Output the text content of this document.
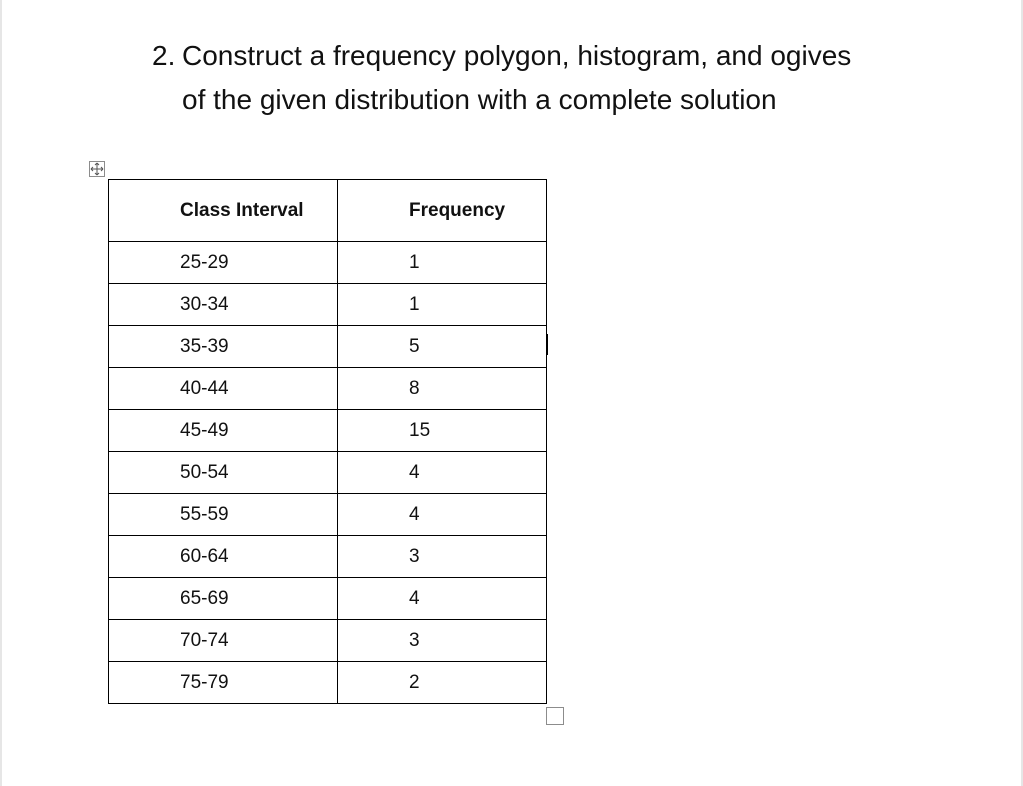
2. Construct a frequency polygon, histogram, and ogives of the given distribution with a complete solution
Class Interval	Frequency

25-29	1

30-34	1

35-39	5

40-44	8

45-49	15

50-54	4

55-59	4

60-64	3

65-69	4

70-74	3

75-79	2
